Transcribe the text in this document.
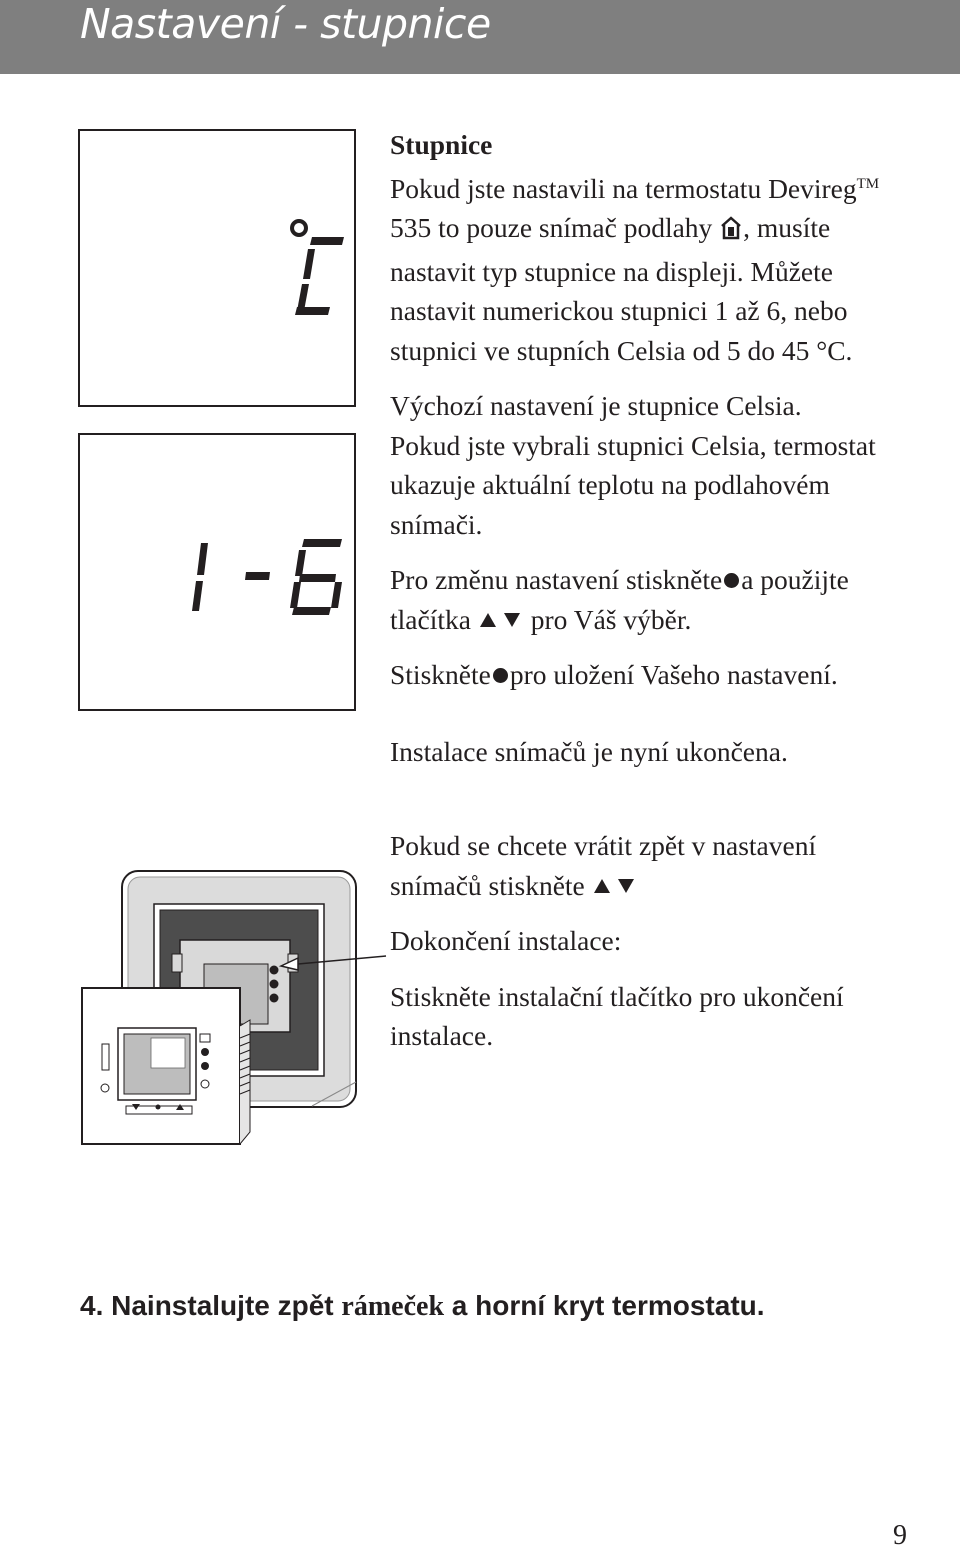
Nastavení - stupnice

Stupnice

Pokud jste nastavili na termostatu Devireg™ 535 to pouze snímač podlahy , musíte nastavit typ stupnice na displeji. Můžete nastavit numerickou stupnici 1 až 6, nebo stupnici ve stupních Celsia od 5 do 45 °C.

Výchozí nastavení je stupnice Celsia.

Pokud jste vybrali stupnici Celsia, termostat ukazuje aktuální teplotu na podlahovém snímači.

Pro změnu nastavení stiskněte a použijte tlačítka  pro Váš výběr.

Stiskněte pro uložení Vašeho nastavení.

Instalace snímačů je nyní ukončena.

Pokud se chcete vrátit zpět v nastavení snímačů stiskněte

Dokončení instalace:

Stiskněte instalační tlačítko pro ukončení instalace.

4. Nainstalujte zpět rámeček a horní kryt termostatu.
9
